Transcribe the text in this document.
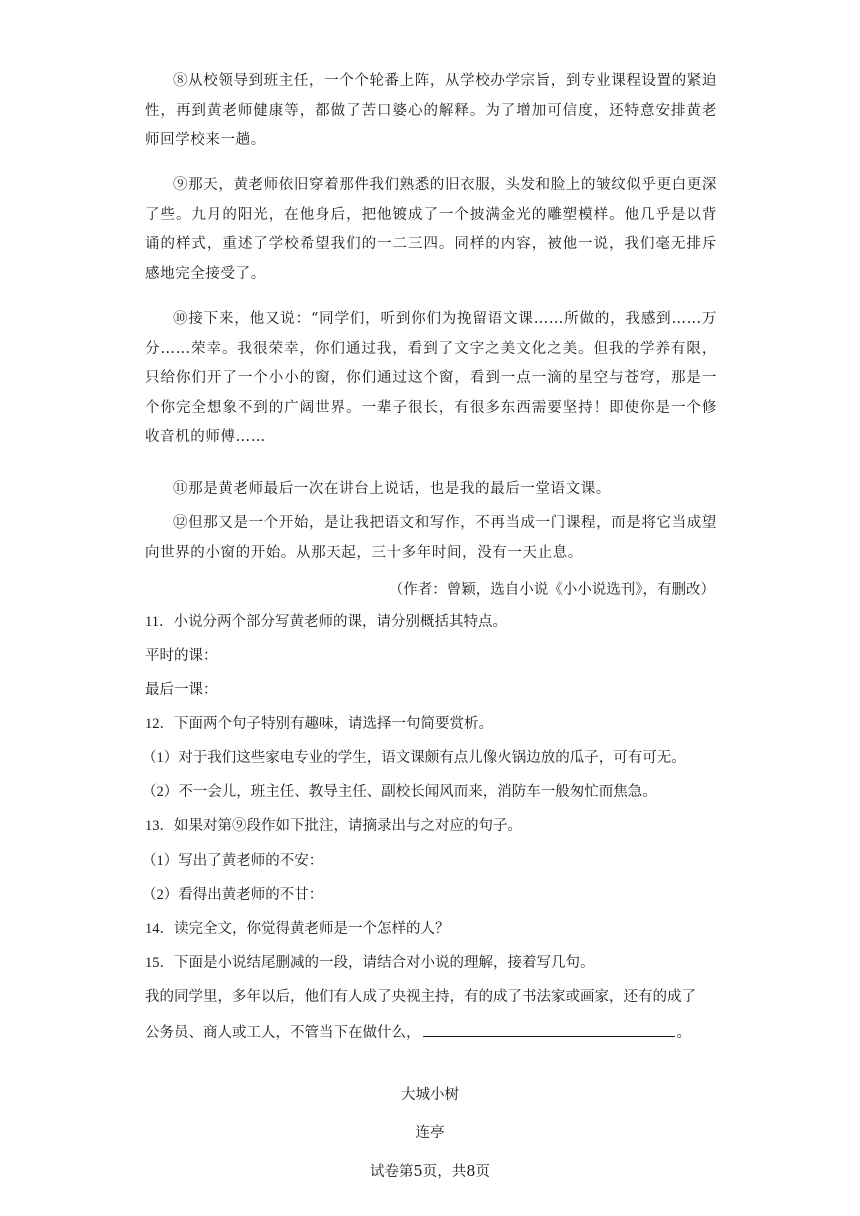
⑧从校领导到班主任，一个个轮番上阵，从学校办学宗旨，到专业课程设置的紧迫性，再到黄老师健康等，都做了苦口婆心的解释。为了增加可信度，还特意安排黄老师回学校来一趟。

⑨那天，黄老师依旧穿着那件我们熟悉的旧衣服，头发和脸上的皱纹似乎更白更深了些。九月的阳光，在他身后，把他镀成了一个披满金光的雕塑模样。他几乎是以背诵的样式，重述了学校希望我们的一二三四。同样的内容，被他一说，我们毫无排斥感地完全接受了。

⑩接下来，他又说：“同学们，听到你们为挽留语文课……所做的，我感到……万分……荣幸。我很荣幸，你们通过我，看到了文字之美文化之美。但我的学养有限，只给你们开了一个小小的窗，你们通过这个窗，看到一点一滴的星空与苍穹，那是一个你完全想象不到的广阔世界。一辈子很长，有很多东西需要坚持！即使你是一个修收音机的师傅……

⑪那是黄老师最后一次在讲台上说话，也是我的最后一堂语文课。

⑫但那又是一个开始，是让我把语文和写作，不再当成一门课程，而是将它当成望向世界的小窗的开始。从那天起，三十多年时间，没有一天止息。

（作者：曾颖，选自小说《小小说选刊》，有删改）

11．小说分两个部分写黄老师的课，请分别概括其特点。

平时的课：

最后一课：

12．下面两个句子特别有趣味，请选择一句简要赏析。

（1）对于我们这些家电专业的学生，语文课颇有点儿像火锅边放的瓜子，可有可无。

（2）不一会儿，班主任、教导主任、副校长闻风而来，消防车一般匆忙而焦急。

13．如果对第⑨段作如下批注，请摘录出与之对应的句子。

（1）写出了黄老师的不安：

（2）看得出黄老师的不甘：

14．读完全文，你觉得黄老师是一个怎样的人？

15．下面是小说结尾删减的一段，请结合对小说的理解，接着写几句。

我的同学里，多年以后，他们有人成了央视主持，有的成了书法家或画家，还有的成了

公务员、商人或工人，不管当下在做什么，	。

大城小树
连亭
试卷第5页，共8页
